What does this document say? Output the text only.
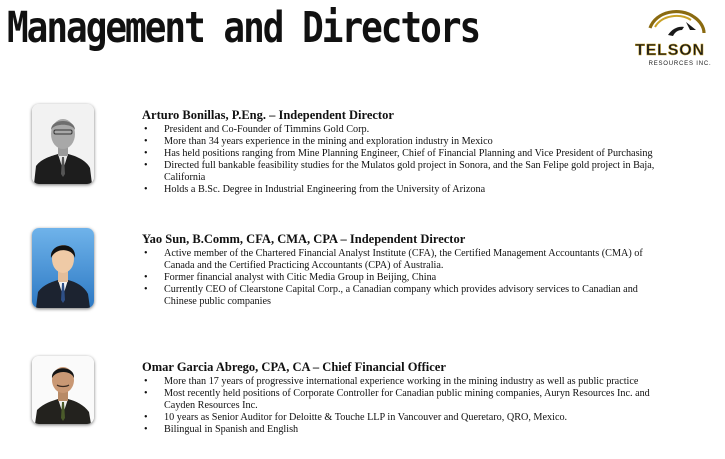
Management and Directors	TELSON
RESOURCES INC.
Arturo Bonillas, P.Eng. – Independent Director
• President and Co-Founder of Timmins Gold Corp.
• More than 34 years experience in the mining and exploration industry in Mexico
• Has held positions ranging from Mine Planning Engineer, Chief of Financial Planning and Vice President of Purchasing
• Directed full bankable feasibility studies for the Mulatos gold project in Sonora, and the San Felipe gold project in Baja, California
• Holds a B.Sc. Degree in Industrial Engineering from the University of Arizona
Yao Sun, B.Comm, CFA, CMA, CPA – Independent Director
• Active member of the Chartered Financial Analyst Institute (CFA), the Certified Management Accountants (CMA) of Canada and the Certified Practicing Accountants (CPA) of Australia.
• Former financial analyst with Citic Media Group in Beijing, China
• Currently CEO of Clearstone Capital Corp., a Canadian company which provides advisory services to Canadian and Chinese public companies
Omar Garcia Abrego, CPA, CA – Chief Financial Officer
• More than 17 years of progressive international experience working in the mining industry as well as public practice
• Most recently held positions of Corporate Controller for Canadian public mining companies, Auryn Resources Inc. and Cayden Resources Inc.
• 10 years as Senior Auditor for Deloitte & Touche LLP in Vancouver and Queretaro, QRO, Mexico.
• Bilingual in Spanish and English
